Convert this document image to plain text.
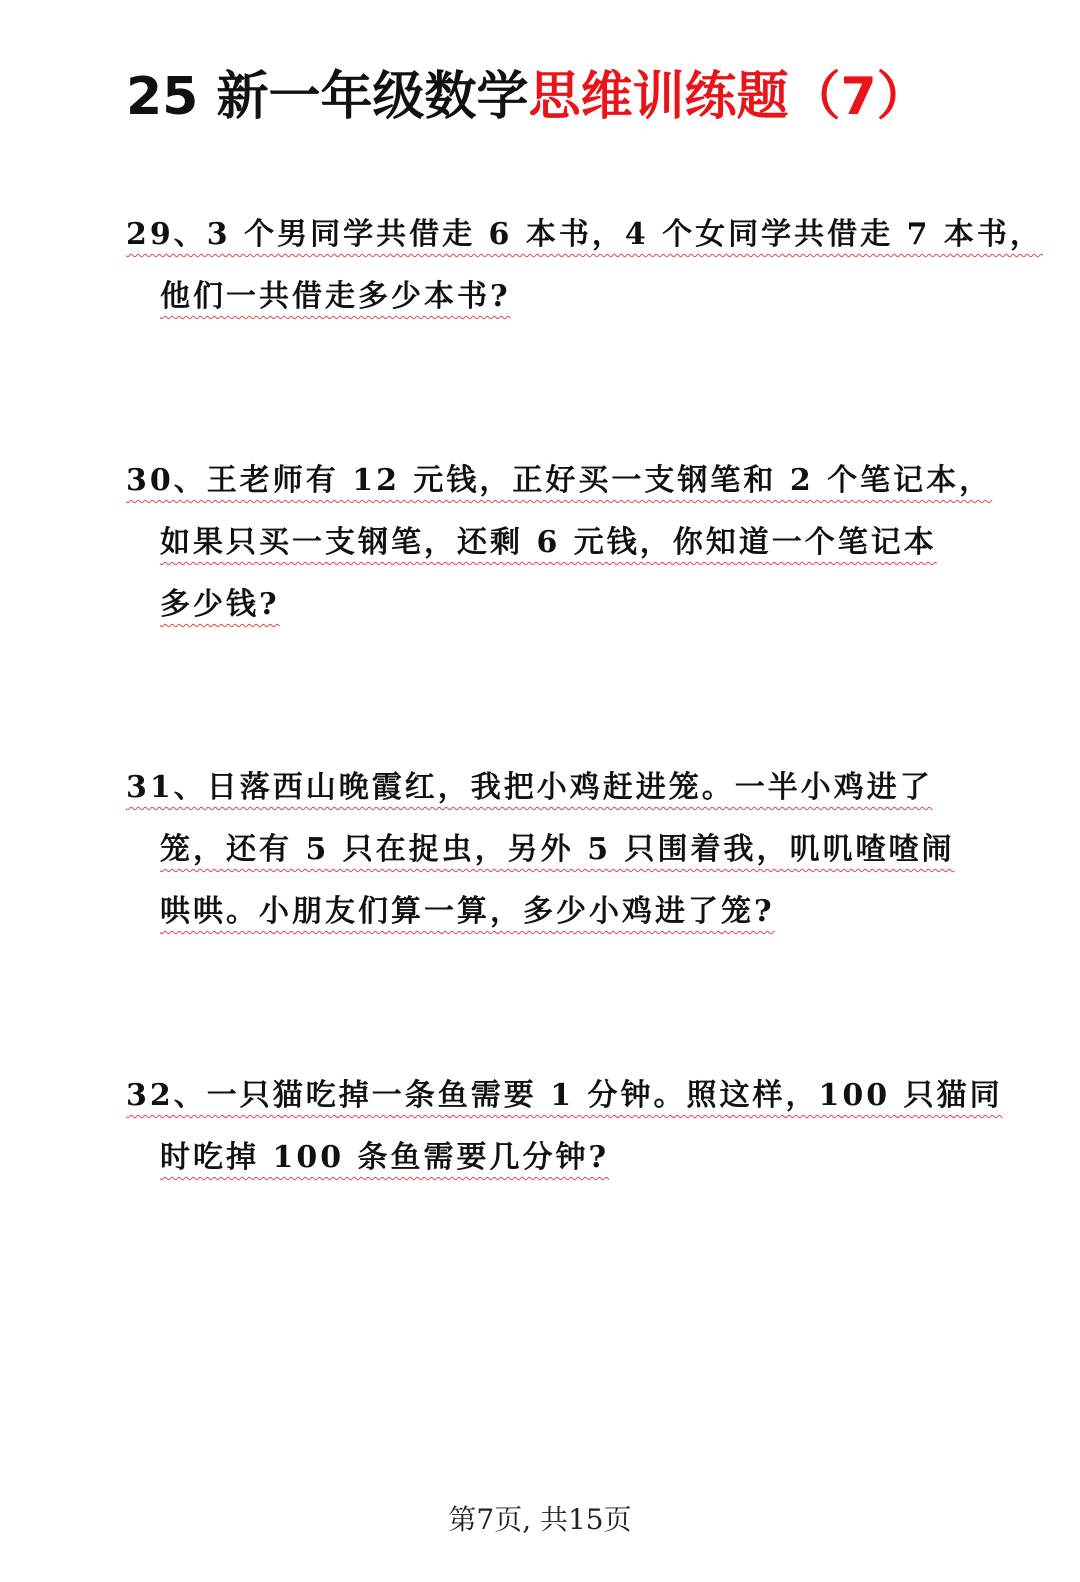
25 新一年级数学思维训练题（7）
29、3 个男同学共借走 6 本书，4 个女同学共借走 7 本书，
他们一共借走多少本书?
30、王老师有 12 元钱，正好买一支钢笔和 2 个笔记本，
如果只买一支钢笔，还剩 6 元钱，你知道一个笔记本
多少钱?
31、日落西山晚霞红，我把小鸡赶进笼。一半小鸡进了
笼，还有 5 只在捉虫，另外 5 只围着我，叽叽喳喳闹
哄哄。小朋友们算一算，多少小鸡进了笼?
32、一只猫吃掉一条鱼需要 1 分钟。照这样，100 只猫同
时吃掉 100 条鱼需要几分钟?
第7页, 共15页
